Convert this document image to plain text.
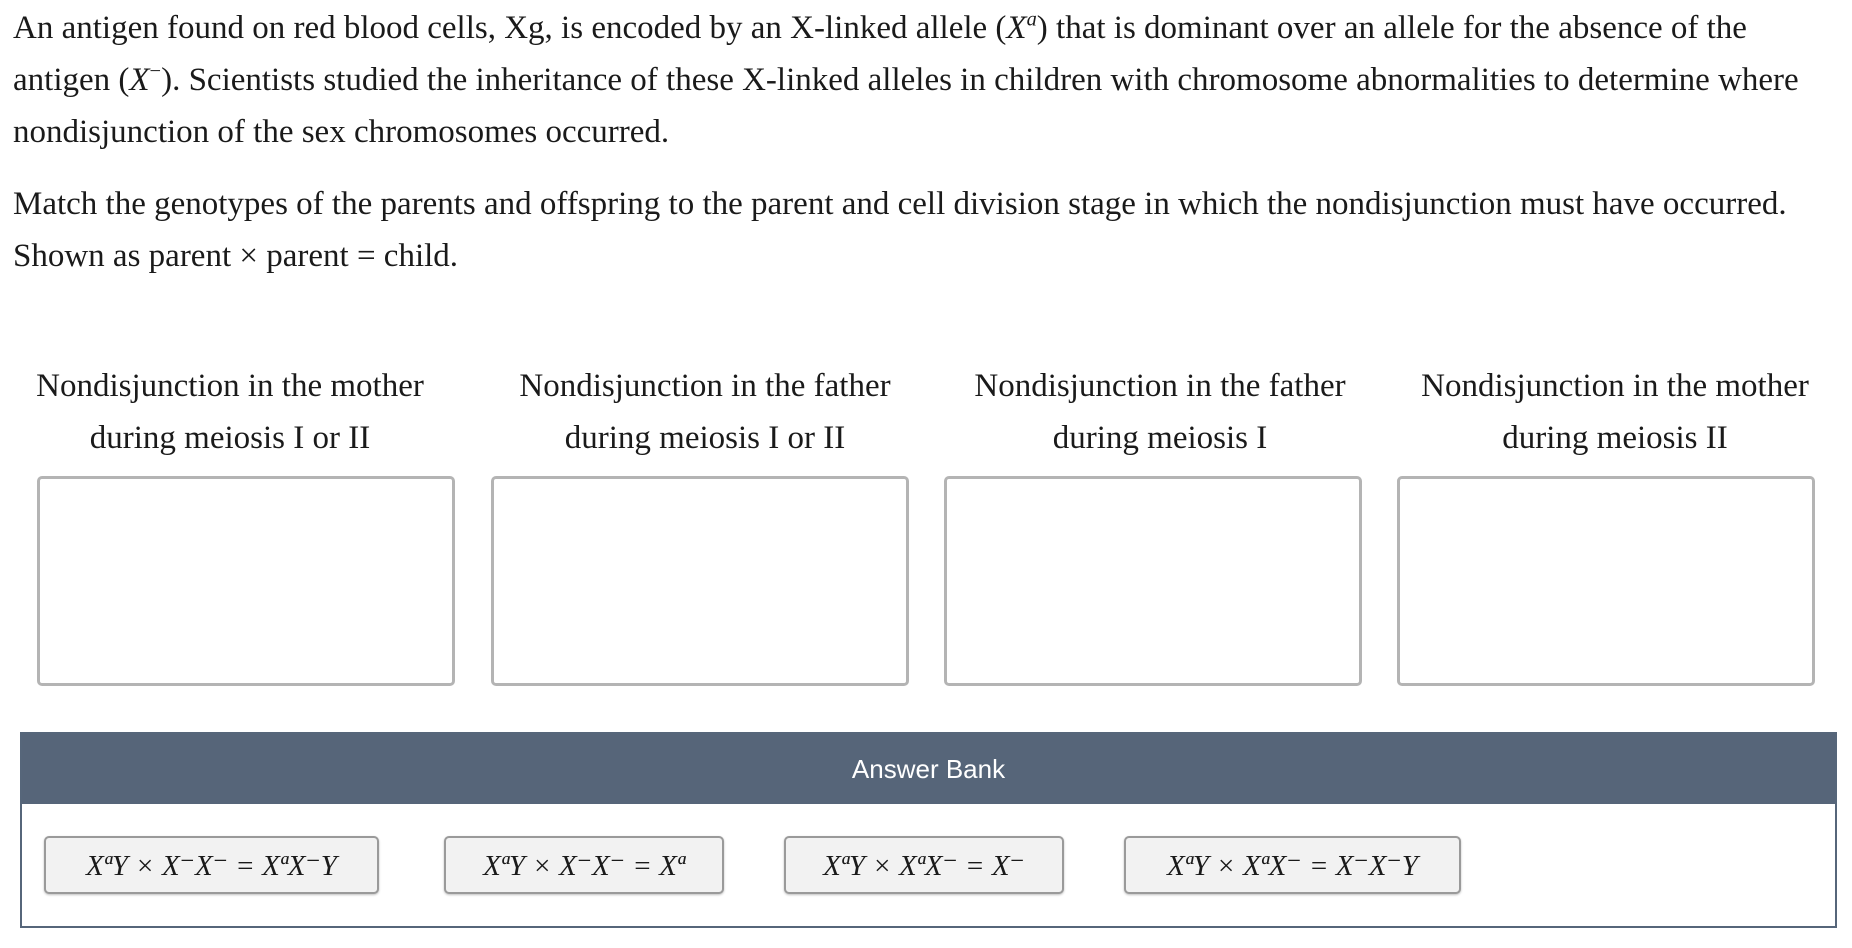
An antigen found on red blood cells, Xg, is encoded by an X-linked allele $(X^a)$ that is dominant over an allele for the absence of the antigen (X−). Scientists studied the inheritance of these X-linked alleles in children with chromosome abnormalities to determine where nondisjunction of the sex chromosomes occurred.

Match the genotypes of the parents and offspring to the parent and cell division stage in which the nondisjunction must have occurred. Shown as parent × parent = child.

Nondisjunction in the mother
during meiosis I or II
Nondisjunction in the father
during meiosis I or II
Nondisjunction in the father
during meiosis I
Nondisjunction in the mother
during meiosis II
Answer Bank
XªY × X⁻X⁻ = XªX⁻Y	XªY × X⁻X⁻ = Xª	XªY × XªX⁻ = X⁻	XªY × XªX⁻ = X⁻X⁻Y
